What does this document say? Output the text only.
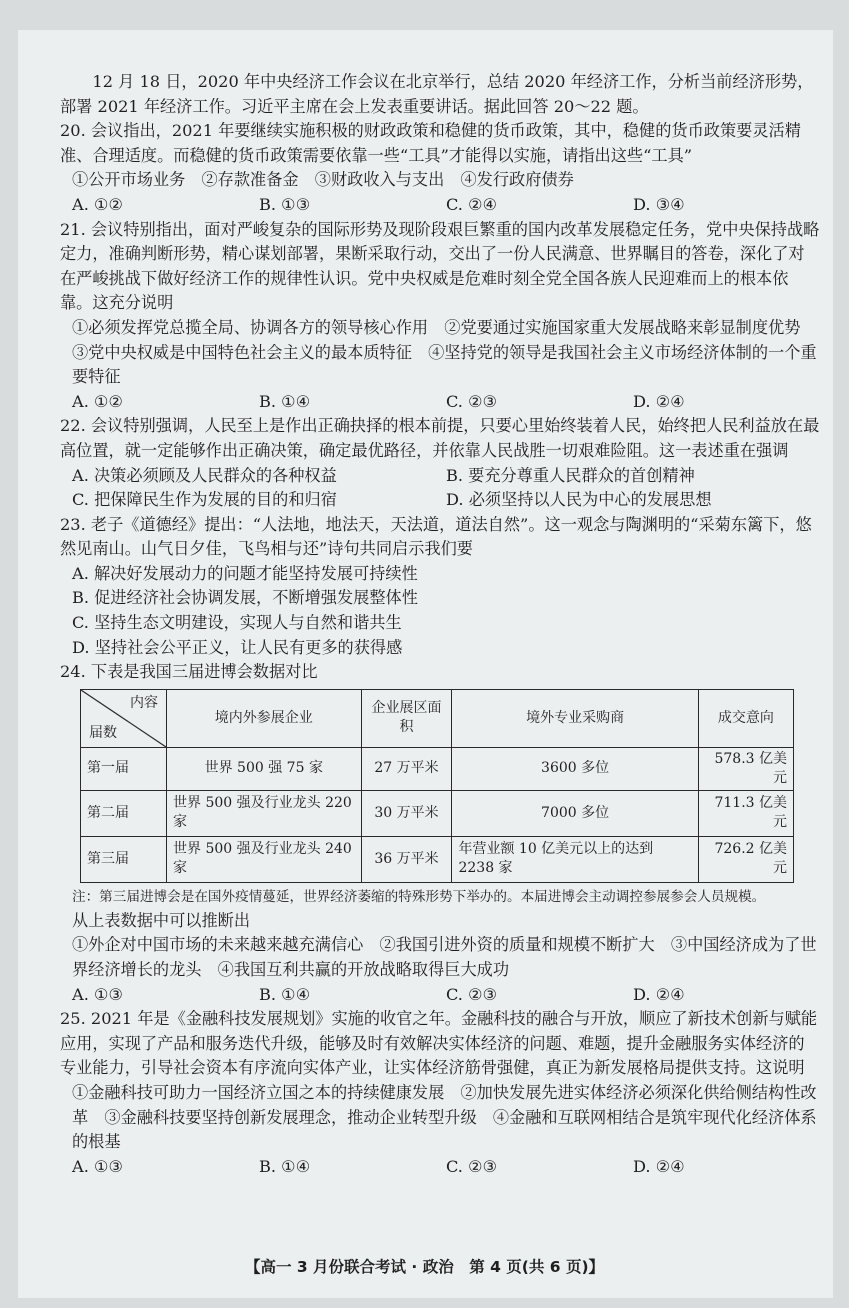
12 月 18 日，2020 年中央经济工作会议在北京举行，总结 2020 年经济工作，分析当前经济形势，部署 2021 年经济工作。习近平主席在会上发表重要讲话。据此回答 20～22 题。

20. 会议指出，2021 年要继续实施积极的财政政策和稳健的货币政策，其中，稳健的货币政策要灵活精准、合理适度。而稳健的货币政策需要依靠一些“工具”才能得以实施，请指出这些“工具”

①公开市场业务　②存款准备金　③财政收入与支出　④发行政府债券

A. ①②	B. ①③	C. ②④	D. ③④

21. 会议特别指出，面对严峻复杂的国际形势及现阶段艰巨繁重的国内改革发展稳定任务，党中央保持战略定力，准确判断形势，精心谋划部署，果断采取行动，交出了一份人民满意、世界瞩目的答卷，深化了对在严峻挑战下做好经济工作的规律性认识。党中央权威是危难时刻全党全国各族人民迎难而上的根本依靠。这充分说明

①必须发挥党总揽全局、协调各方的领导核心作用　②党要通过实施国家重大发展战略来彰显制度优势　③党中央权威是中国特色社会主义的最本质特征　④坚持党的领导是我国社会主义市场经济体制的一个重要特征

A. ①②	B. ①④	C. ②③	D. ②④

22. 会议特别强调，人民至上是作出正确抉择的根本前提，只要心里始终装着人民，始终把人民利益放在最高位置，就一定能够作出正确决策，确定最优路径，并依靠人民战胜一切艰难险阻。这一表述重在强调

A. 决策必须顾及人民群众的各种权益	B. 要充分尊重人民群众的首创精神
C. 把保障民生作为发展的目的和归宿	D. 必须坚持以人民为中心的发展思想

23. 老子《道德经》提出：“人法地，地法天，天法道，道法自然”。这一观念与陶渊明的“采菊东篱下，悠然见南山。山气日夕佳，飞鸟相与还”诗句共同启示我们要

A. 解决好发展动力的问题才能坚持发展可持续性

B. 促进经济社会协调发展，不断增强发展整体性

C. 坚持生态文明建设，实现人与自然和谐共生

D. 坚持社会公平正义，让人民有更多的获得感

24. 下表是我国三届进博会数据对比

内容
届数	境内外参展企业	企业展区面积	境外专业采购商	成交意向
第一届	世界 500 强 75 家	27 万平米	3600 多位	578.3 亿美元
第二届	世界 500 强及行业龙头 220 家	30 万平米	7000 多位	711.3 亿美元
第三届	世界 500 强及行业龙头 240 家	36 万平米	年营业额 10 亿美元以上的达到 2238 家	726.2 亿美元

注：第三届进博会是在国外疫情蔓延，世界经济萎缩的特殊形势下举办的。本届进博会主动调控参展参会人员规模。

从上表数据中可以推断出

①外企对中国市场的未来越来越充满信心　②我国引进外资的质量和规模不断扩大　③中国经济成为了世界经济增长的龙头　④我国互利共赢的开放战略取得巨大成功

A. ①③	B. ①④	C. ②③	D. ②④

25. 2021 年是《金融科技发展规划》实施的收官之年。金融科技的融合与开放，顺应了新技术创新与赋能应用，实现了产品和服务迭代升级，能够及时有效解决实体经济的问题、难题，提升金融服务实体经济的专业能力，引导社会资本有序流向实体产业，让实体经济筋骨强健，真正为新发展格局提供支持。这说明

①金融科技可助力一国经济立国之本的持续健康发展　②加快发展先进实体经济必须深化供给侧结构性改革　③金融科技要坚持创新发展理念，推动企业转型升级　④金融和互联网相结合是筑牢现代化经济体系的根基

A. ①③	B. ①④	C. ②③	D. ②④
【高一 3 月份联合考试 · 政治　第 4 页(共 6 页)】
